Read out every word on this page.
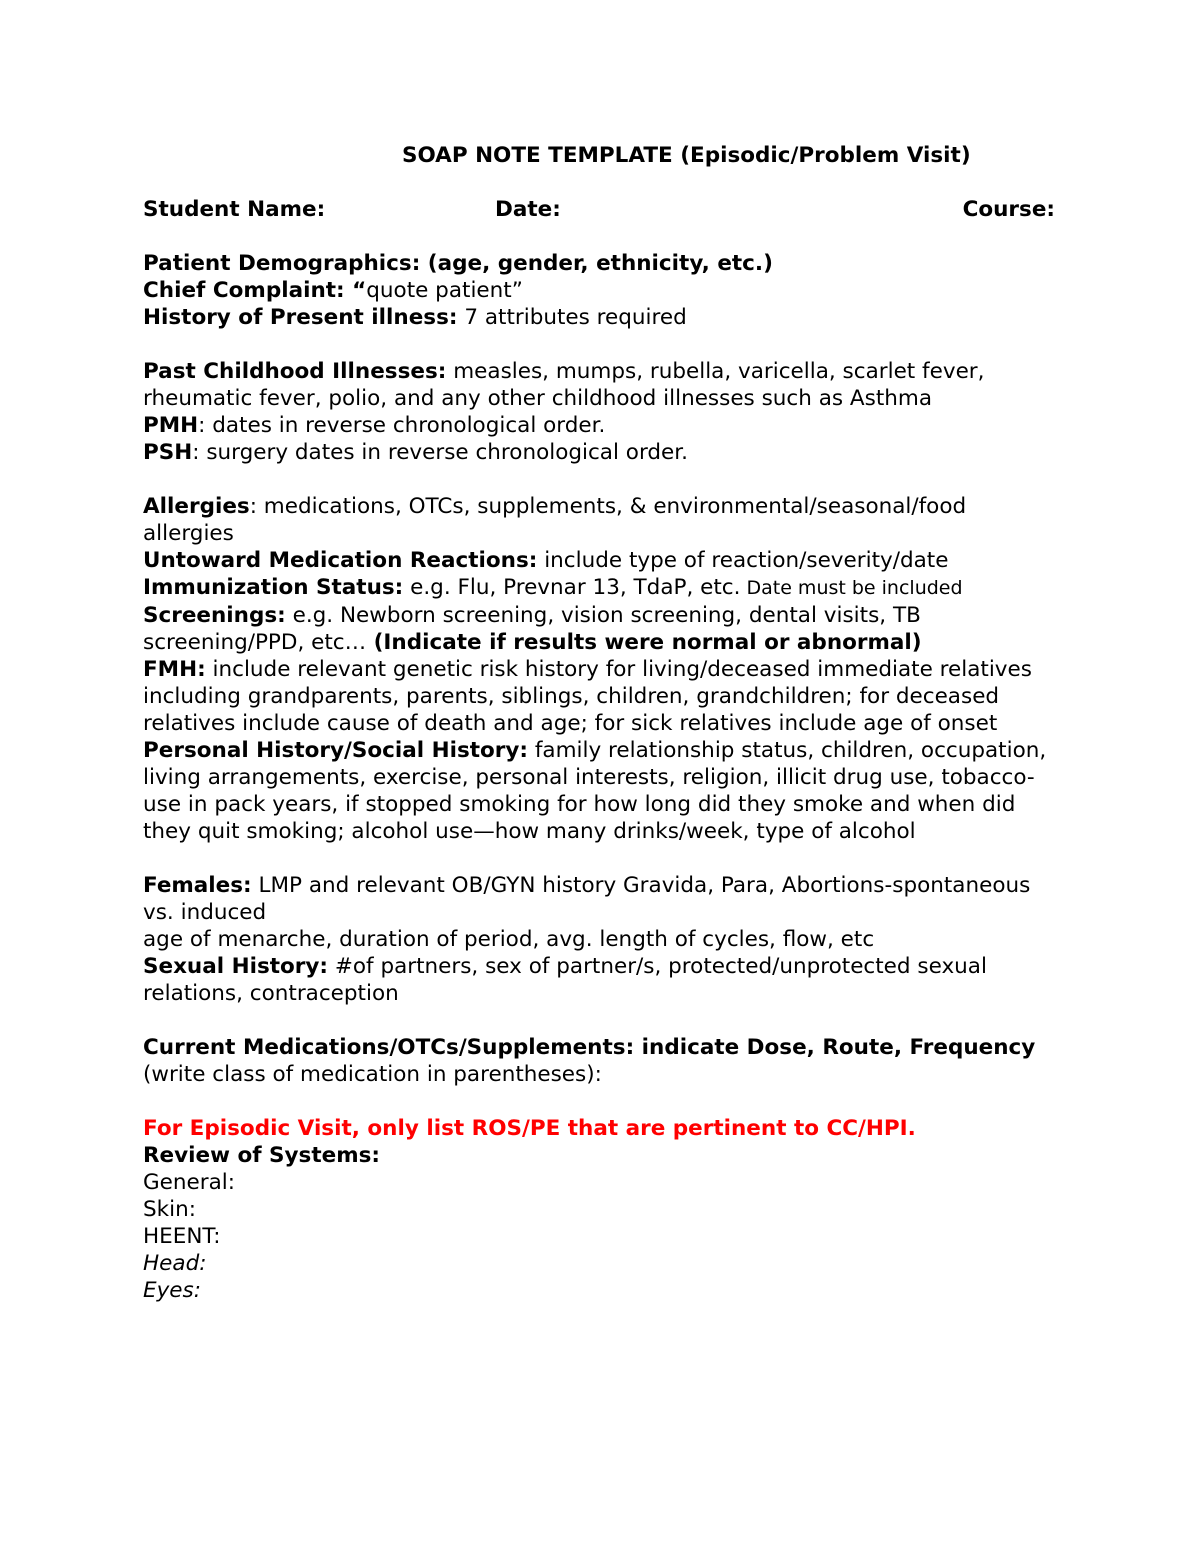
SOAP NOTE TEMPLATE (Episodic/Problem Visit)

Student Name:	Date:	Course:

Patient Demographics: (age, gender, ethnicity, etc.)

Chief Complaint: “quote patient”

History of Present illness: 7 attributes required

Past Childhood Illnesses: measles, mumps, rubella, varicella, scarlet fever, rheumatic fever, polio, and any other childhood illnesses such as Asthma

PMH: dates in reverse chronological order.

PSH: surgery dates in reverse chronological order.

Allergies: medications, OTCs, supplements, & environmental/seasonal/food allergies

Untoward Medication Reactions: include type of reaction/severity/date

Immunization Status: e.g. Flu, Prevnar 13, TdaP, etc. Date must be included

Screenings: e.g. Newborn screening, vision screening, dental visits, TB screening/PPD, etc… (Indicate if results were normal or abnormal)

FMH: include relevant genetic risk history for living/deceased immediate relatives including grandparents, parents, siblings, children, grandchildren; for deceased relatives include cause of death and age; for sick relatives include age of onset

Personal History/Social History: family relationship status, children, occupation, living arrangements, exercise, personal interests, religion, illicit drug use, tobacco-use in pack years, if stopped smoking for how long did they smoke and when did they quit smoking; alcohol use—how many drinks/week, type of alcohol

Females: LMP and relevant OB/GYN history Gravida, Para, Abortions-spontaneous vs. induced

age of menarche, duration of period, avg. length of cycles, flow, etc

Sexual History: #of partners, sex of partner/s, protected/unprotected sexual relations, contraception

Current Medications/OTCs/Supplements: indicate Dose, Route, Frequency (write class of medication in parentheses):

For Episodic Visit, only list ROS/PE that are pertinent to CC/HPI.

Review of Systems:

General:

Skin:

HEENT:

Head:

Eyes:
